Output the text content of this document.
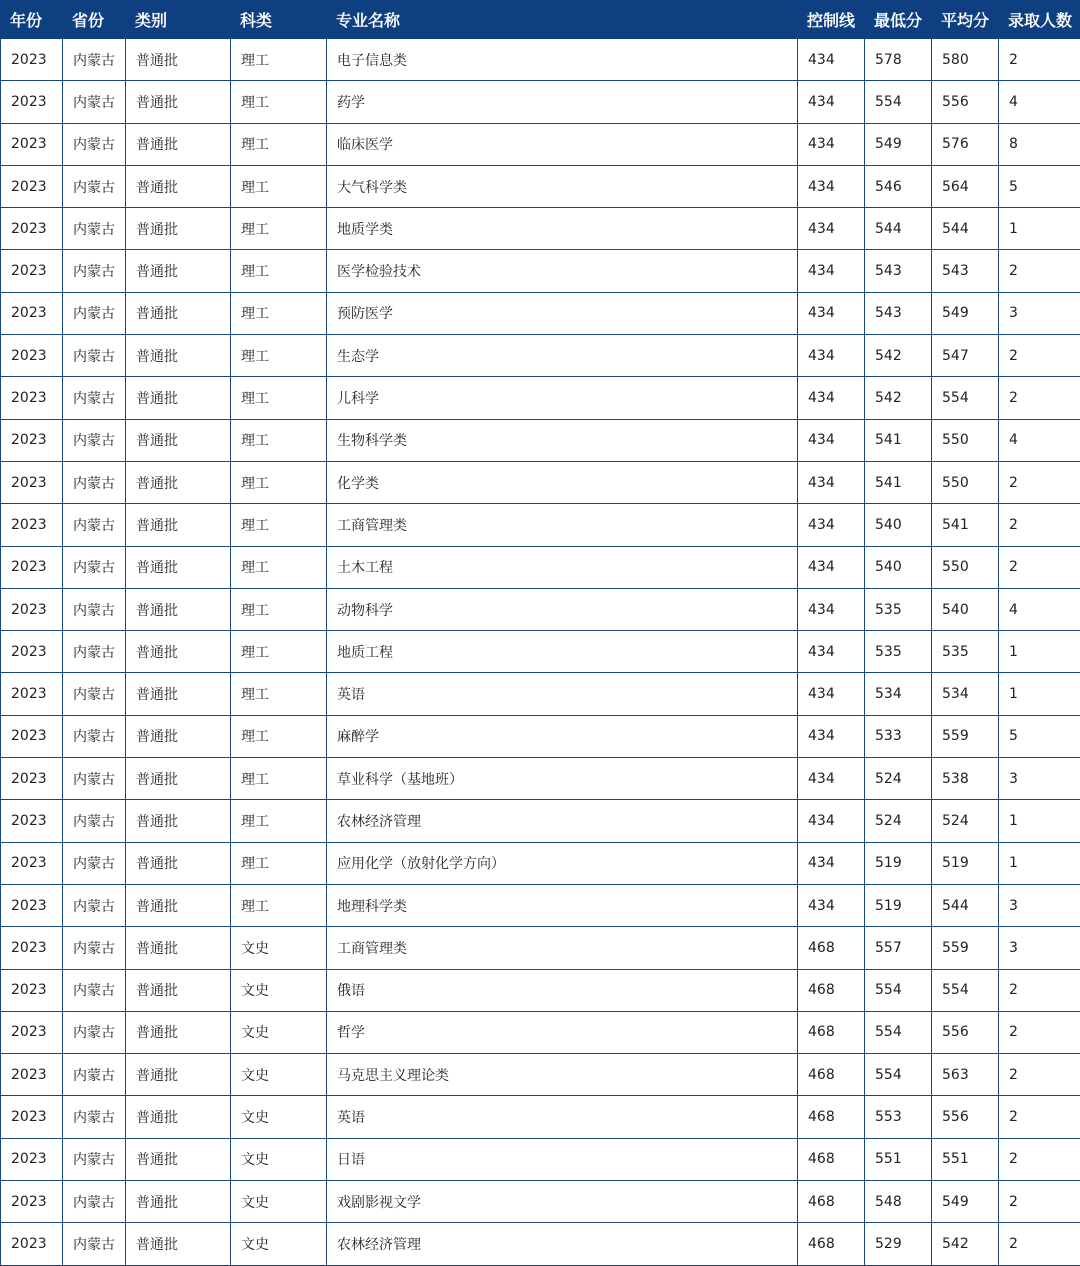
年份	省份	类别	科类	专业名称	控制线	最低分	平均分	录取人数
2023	内蒙古	普通批	理工	电子信息类	434	578	580	2
2023	内蒙古	普通批	理工	药学	434	554	556	4
2023	内蒙古	普通批	理工	临床医学	434	549	576	8
2023	内蒙古	普通批	理工	大气科学类	434	546	564	5
2023	内蒙古	普通批	理工	地质学类	434	544	544	1
2023	内蒙古	普通批	理工	医学检验技术	434	543	543	2
2023	内蒙古	普通批	理工	预防医学	434	543	549	3
2023	内蒙古	普通批	理工	生态学	434	542	547	2
2023	内蒙古	普通批	理工	儿科学	434	542	554	2
2023	内蒙古	普通批	理工	生物科学类	434	541	550	4
2023	内蒙古	普通批	理工	化学类	434	541	550	2
2023	内蒙古	普通批	理工	工商管理类	434	540	541	2
2023	内蒙古	普通批	理工	土木工程	434	540	550	2
2023	内蒙古	普通批	理工	动物科学	434	535	540	4
2023	内蒙古	普通批	理工	地质工程	434	535	535	1
2023	内蒙古	普通批	理工	英语	434	534	534	1
2023	内蒙古	普通批	理工	麻醉学	434	533	559	5
2023	内蒙古	普通批	理工	草业科学（基地班）	434	524	538	3
2023	内蒙古	普通批	理工	农林经济管理	434	524	524	1
2023	内蒙古	普通批	理工	应用化学（放射化学方向）	434	519	519	1
2023	内蒙古	普通批	理工	地理科学类	434	519	544	3
2023	内蒙古	普通批	文史	工商管理类	468	557	559	3
2023	内蒙古	普通批	文史	俄语	468	554	554	2
2023	内蒙古	普通批	文史	哲学	468	554	556	2
2023	内蒙古	普通批	文史	马克思主义理论类	468	554	563	2
2023	内蒙古	普通批	文史	英语	468	553	556	2
2023	内蒙古	普通批	文史	日语	468	551	551	2
2023	内蒙古	普通批	文史	戏剧影视文学	468	548	549	2
2023	内蒙古	普通批	文史	农林经济管理	468	529	542	2
